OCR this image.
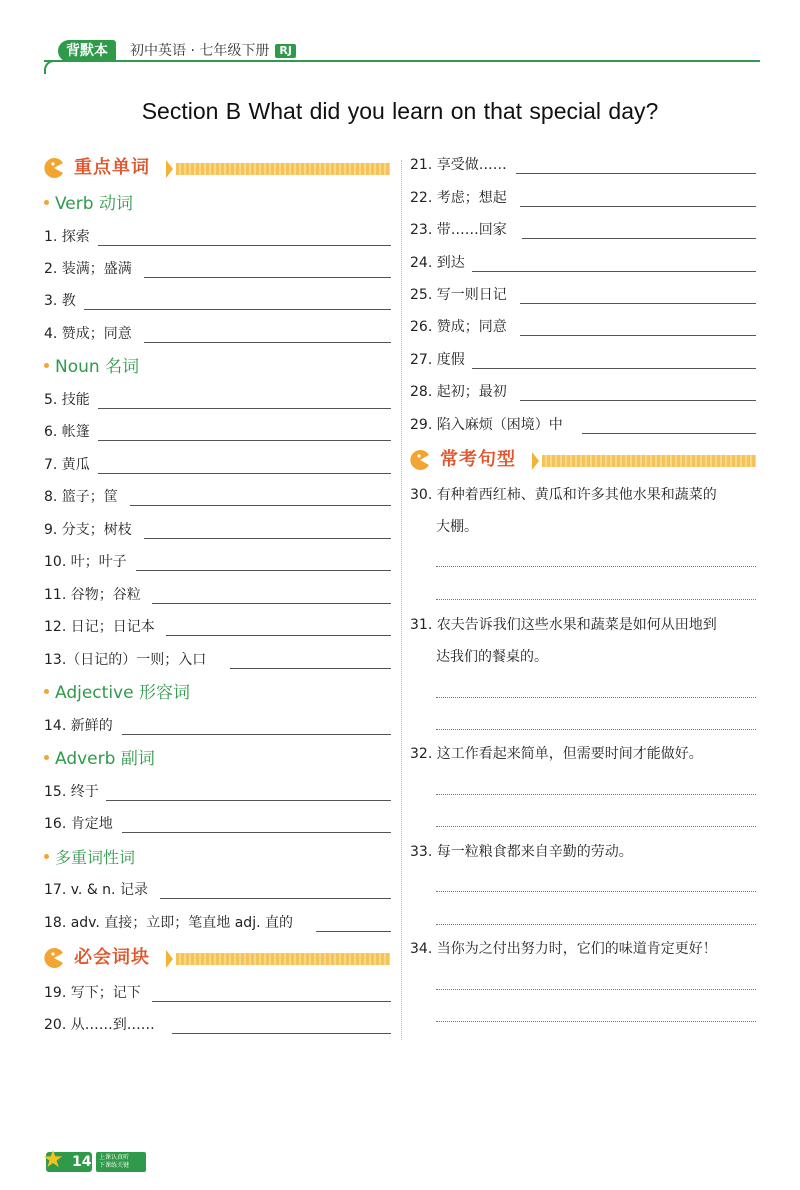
背默本	初中英语 · 七年级下册 RJ
Section B What did you learn on that special day?
重点单词
Verb 动词
1. 探索
2. 装满；盛满
3. 教
4. 赞成；同意
Noun 名词
5. 技能
6. 帐篷
7. 黄瓜
8. 篮子；筐
9. 分支；树枝
10. 叶；叶子
11. 谷物；谷粒
12. 日记；日记本
13.（日记的）一则；入口
Adjective 形容词
14. 新鲜的
Adverb 副词
15. 终于
16. 肯定地
多重词性词
17. v. & n. 记录
18. adv. 直接；立即；笔直地 adj. 直的
必会词块
19. 写下；记下
20. 从……到……
21. 享受做……
22. 考虑；想起
23. 带……回家
24. 到达
25. 写一则日记
26. 赞成；同意
27. 度假
28. 起初；最初
29. 陷入麻烦（困境）中
常考句型
30. 有种着西红柿、黄瓜和许多其他水果和蔬菜的
大棚。
31. 农夫告诉我们这些水果和蔬菜是如何从田地到
达我们的餐桌的。
32. 这工作看起来简单，但需要时间才能做好。
33. 每一粒粮食都来自辛勤的劳动。
34. 当你为之付出努力时，它们的味道肯定更好！
★ 14 上课认真听
下课练关键
